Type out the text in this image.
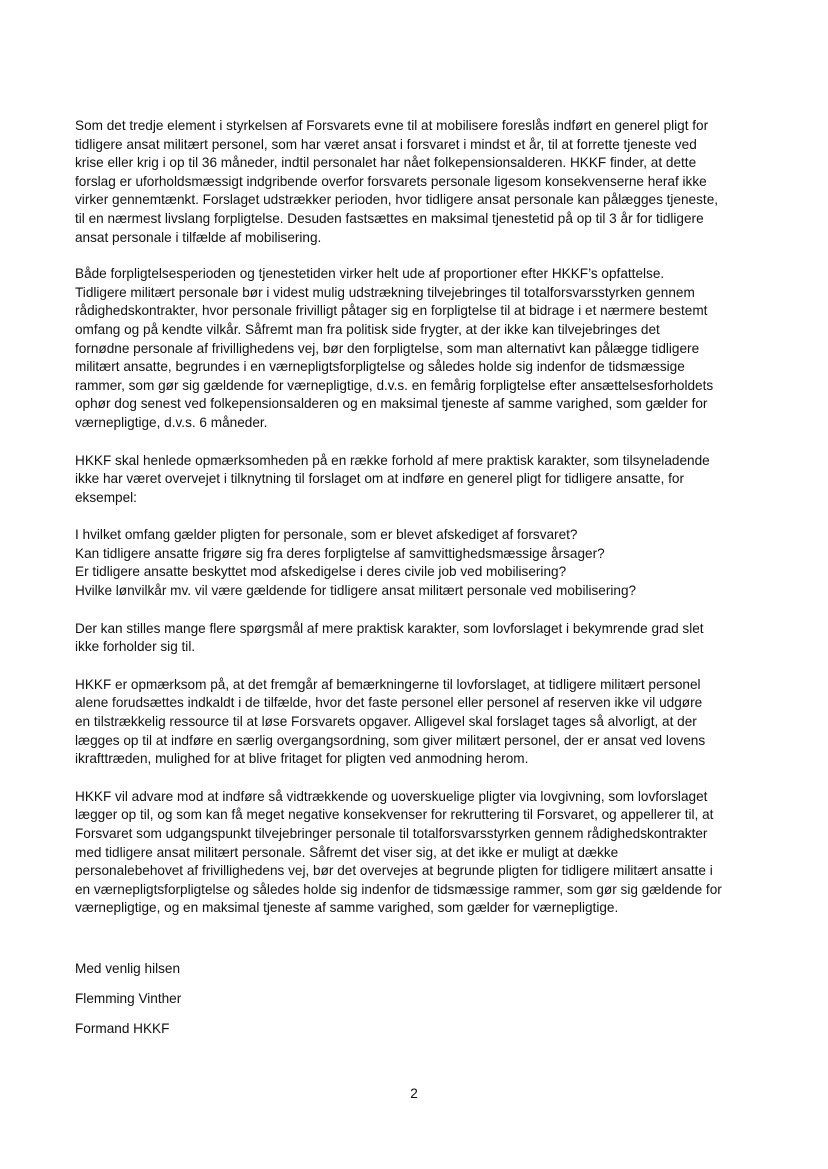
Som det tredje element i styrkelsen af Forsvarets evne til at mobilisere foreslås indført en generel pligt for
tidligere ansat militært personel, som har været ansat i forsvaret i mindst et år, til at forrette tjeneste ved
krise eller krig i op til 36 måneder, indtil personalet har nået folkepensionsalderen. HKKF finder, at dette
forslag er uforholdsmæssigt indgribende overfor forsvarets personale ligesom konsekvenserne heraf ikke
virker gennemtænkt. Forslaget udstrækker perioden, hvor tidligere ansat personale kan pålægges tjeneste,
til en nærmest livslang forpligtelse. Desuden fastsættes en maksimal tjenestetid på op til 3 år for tidligere
ansat personale i tilfælde af mobilisering.
Både forpligtelsesperioden og tjenestetiden virker helt ude af proportioner efter HKKF’s opfattelse.
Tidligere militært personale bør i videst mulig udstrækning tilvejebringes til totalforsvarsstyrken gennem
rådighedskontrakter, hvor personale frivilligt påtager sig en forpligtelse til at bidrage i et nærmere bestemt
omfang og på kendte vilkår. Såfremt man fra politisk side frygter, at der ikke kan tilvejebringes det
fornødne personale af frivillighedens vej, bør den forpligtelse, som man alternativt kan pålægge tidligere
militært ansatte, begrundes i en værnepligtsforpligtelse og således holde sig indenfor de tidsmæssige
rammer, som gør sig gældende for værnepligtige, d.v.s. en femårig forpligtelse efter ansættelsesforholdets
ophør dog senest ved folkepensionsalderen og en maksimal tjeneste af samme varighed, som gælder for
værnepligtige, d.v.s. 6 måneder.
HKKF skal henlede opmærksomheden på en række forhold af mere praktisk karakter, som tilsyneladende
ikke har været overvejet i tilknytning til forslaget om at indføre en generel pligt for tidligere ansatte, for
eksempel:
I hvilket omfang gælder pligten for personale, som er blevet afskediget af forsvaret?
Kan tidligere ansatte frigøre sig fra deres forpligtelse af samvittighedsmæssige årsager?
Er tidligere ansatte beskyttet mod afskedigelse i deres civile job ved mobilisering?
Hvilke lønvilkår mv. vil være gældende for tidligere ansat militært personale ved mobilisering?
Der kan stilles mange flere spørgsmål af mere praktisk karakter, som lovforslaget i bekymrende grad slet
ikke forholder sig til.
HKKF er opmærksom på, at det fremgår af bemærkningerne til lovforslaget, at tidligere militært personel
alene forudsættes indkaldt i de tilfælde, hvor det faste personel eller personel af reserven ikke vil udgøre
en tilstrækkelig ressource til at løse Forsvarets opgaver. Alligevel skal forslaget tages så alvorligt, at der
lægges op til at indføre en særlig overgangsordning, som giver militært personel, der er ansat ved lovens
ikrafttræden, mulighed for at blive fritaget for pligten ved anmodning herom.
HKKF vil advare mod at indføre så vidtrækkende og uoverskuelige pligter via lovgivning, som lovforslaget
lægger op til, og som kan få meget negative konsekvenser for rekruttering til Forsvaret, og appellerer til, at
Forsvaret som udgangspunkt tilvejebringer personale til totalforsvarsstyrken gennem rådighedskontrakter
med tidligere ansat militært personale. Såfremt det viser sig, at det ikke er muligt at dække
personalebehovet af frivillighedens vej, bør det overvejes at begrunde pligten for tidligere militært ansatte i
en værnepligtsforpligtelse og således holde sig indenfor de tidsmæssige rammer, som gør sig gældende for
værnepligtige, og en maksimal tjeneste af samme varighed, som gælder for værnepligtige.
Med venlig hilsen
Flemming Vinther
Formand HKKF
2
